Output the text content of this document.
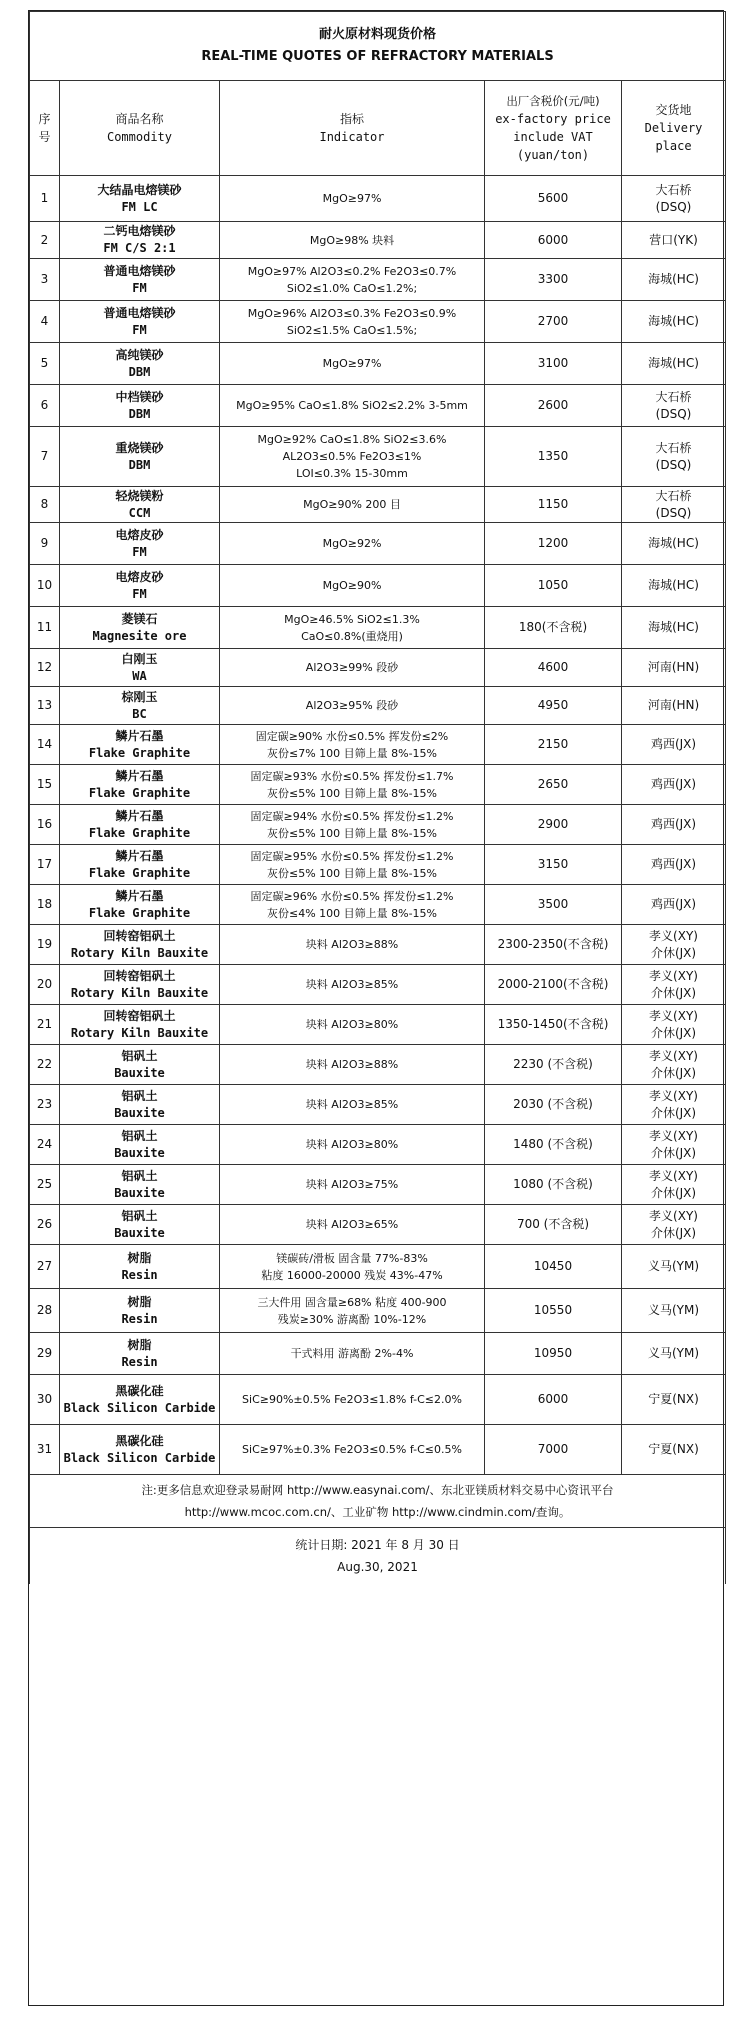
耐火原材料现货价格
REAL-TIME QUOTES OF REFRACTORY MATERIALS				

序号	商品名称
Commodity	指标
Indicator	出厂含税价(元/吨)
ex-factory price
include VAT
(yuan/ton)	交货地
Delivery
place

1	大结晶电熔镁砂
FM LC	MgO≥97%	5600	大石桥
(DSQ)

2	二钙电熔镁砂
FM C/S 2:1	MgO≥98% 块料	6000	营口(YK)

3	普通电熔镁砂
FM	MgO≥97% Al2O3≤0.2% Fe2O3≤0.7%
SiO2≤1.0% CaO≤1.2%;	3300	海城(HC)

4	普通电熔镁砂
FM	MgO≥96% Al2O3≤0.3% Fe2O3≤0.9%
SiO2≤1.5% CaO≤1.5%;	2700	海城(HC)

5	高纯镁砂
DBM	MgO≥97%	3100	海城(HC)

6	中档镁砂
DBM	MgO≥95% CaO≤1.8% SiO2≤2.2% 3-5mm	2600	大石桥
(DSQ)

7	重烧镁砂
DBM	MgO≥92% CaO≤1.8% SiO2≤3.6%
AL2O3≤0.5% Fe2O3≤1%
LOI≤0.3% 15-30mm	1350	大石桥
(DSQ)

8	轻烧镁粉
CCM	MgO≥90% 200 目	1150	大石桥
(DSQ)

9	电熔皮砂
FM	MgO≥92%	1200	海城(HC)

10	电熔皮砂
FM	MgO≥90%	1050	海城(HC)

11	菱镁石
Magnesite ore	MgO≥46.5% SiO2≤1.3%
CaO≤0.8%(重烧用)	180(不含税)	海城(HC)

12	白刚玉
WA	Al2O3≥99% 段砂	4600	河南(HN)

13	棕刚玉
BC	Al2O3≥95% 段砂	4950	河南(HN)

14	鳞片石墨
Flake Graphite	固定碳≥90% 水份≤0.5% 挥发份≤2%
灰份≤7% 100 目筛上量 8%-15%	2150	鸡西(JX)

15	鳞片石墨
Flake Graphite	固定碳≥93% 水份≤0.5% 挥发份≤1.7%
灰份≤5% 100 目筛上量 8%-15%	2650	鸡西(JX)

16	鳞片石墨
Flake Graphite	固定碳≥94% 水份≤0.5% 挥发份≤1.2%
灰份≤5% 100 目筛上量 8%-15%	2900	鸡西(JX)

17	鳞片石墨
Flake Graphite	固定碳≥95% 水份≤0.5% 挥发份≤1.2%
灰份≤5% 100 目筛上量 8%-15%	3150	鸡西(JX)

18	鳞片石墨
Flake Graphite	固定碳≥96% 水份≤0.5% 挥发份≤1.2%
灰份≤4% 100 目筛上量 8%-15%	3500	鸡西(JX)

19	回转窑铝矾土
Rotary Kiln Bauxite	块料 Al2O3≥88%	2300-2350(不含税)	孝义(XY)
介休(JX)

20	回转窑铝矾土
Rotary Kiln Bauxite	块料 Al2O3≥85%	2000-2100(不含税)	孝义(XY)
介休(JX)

21	回转窑铝矾土
Rotary Kiln Bauxite	块料 Al2O3≥80%	1350-1450(不含税)	孝义(XY)
介休(JX)

22	铝矾土
Bauxite	块料 Al2O3≥88%	2230 (不含税)	孝义(XY)
介休(JX)

23	铝矾土
Bauxite	块料 Al2O3≥85%	2030 (不含税)	孝义(XY)
介休(JX)

24	铝矾土
Bauxite	块料 Al2O3≥80%	1480 (不含税)	孝义(XY)
介休(JX)

25	铝矾土
Bauxite	块料 Al2O3≥75%	1080 (不含税)	孝义(XY)
介休(JX)

26	铝矾土
Bauxite	块料 Al2O3≥65%	700 (不含税)	孝义(XY)
介休(JX)

27	树脂
Resin	镁碳砖/滑板 固含量 77%-83%
粘度 16000-20000 残炭 43%-47%	10450	义马(YM)

28	树脂
Resin	三大件用 固含量≥68% 粘度 400-900
残炭≥30% 游离酚 10%-12%	10550	义马(YM)

29	树脂
Resin	干式料用 游离酚 2%-4%	10950	义马(YM)

30	黑碳化硅
Black Silicon Carbide	SiC≥90%±0.5% Fe2O3≤1.8% f-C≤2.0%	6000	宁夏(NX)

31	黑碳化硅
Black Silicon Carbide	SiC≥97%±0.3% Fe2O3≤0.5% f-C≤0.5%	7000	宁夏(NX)

注:更多信息欢迎登录易耐网 http://www.easynai.com/、东北亚镁质材料交易中心资讯平台
http://www.mcoc.com.cn/、工业矿物 http://www.cindmin.com/查询。				

统计日期: 2021 年 8 月 30 日
Aug.30, 2021				
